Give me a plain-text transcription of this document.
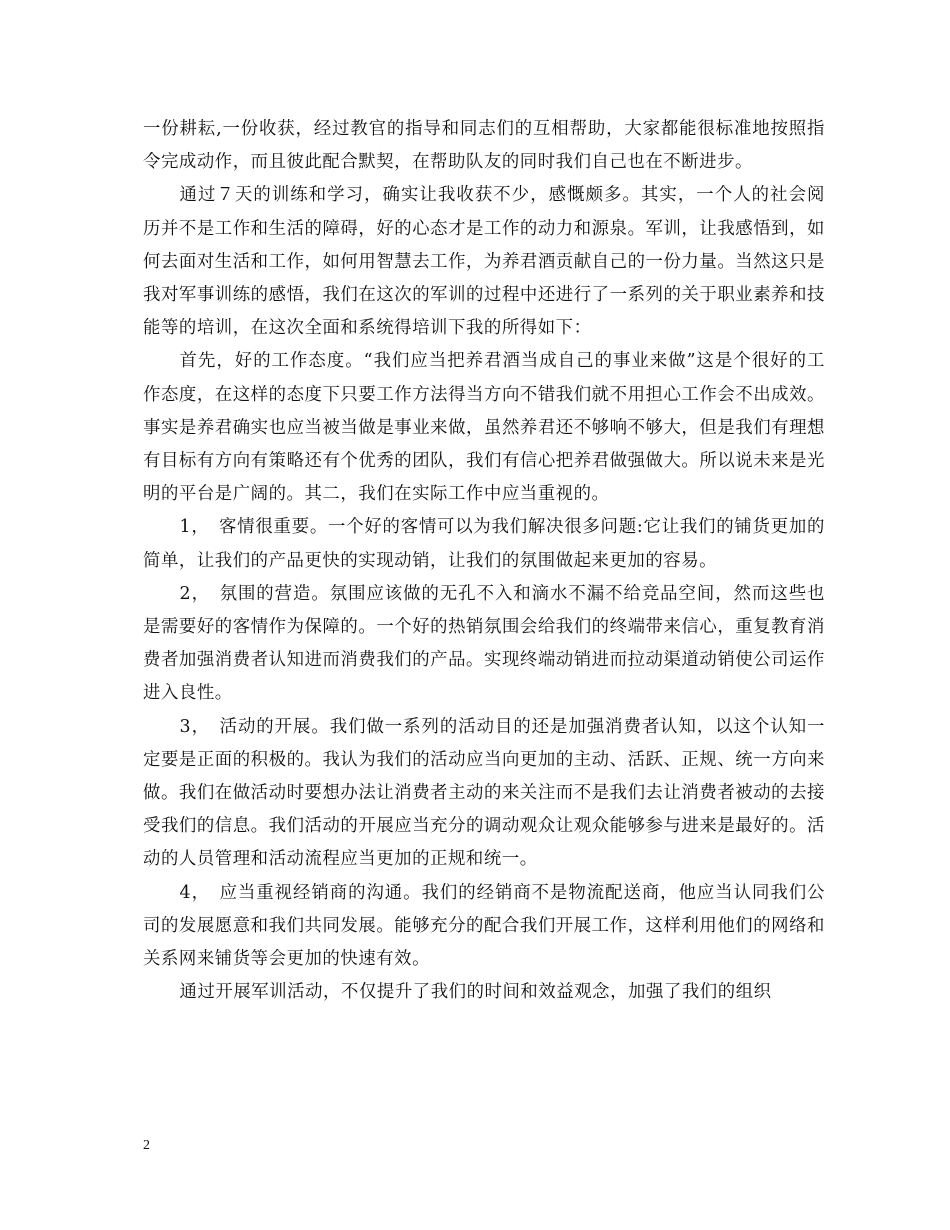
一份耕耘,一份收获，经过教官的指导和同志们的互相帮助，大家都能很标准地按照指令完成动作，而且彼此配合默契，在帮助队友的同时我们自己也在不断进步。

通过７天的训练和学习，确实让我收获不少，感慨颇多。其实，一个人的社会阅历并不是工作和生活的障碍，好的心态才是工作的动力和源泉。军训，让我感悟到，如何去面对生活和工作，如何用智慧去工作，为养君酒贡献自己的一份力量。当然这只是我对军事训练的感悟，我们在这次的军训的过程中还进行了一系列的关于职业素养和技能等的培训，在这次全面和系统得培训下我的所得如下：

首先，好的工作态度。“我们应当把养君酒当成自己的事业来做”这是个很好的工作态度，在这样的态度下只要工作方法得当方向不错我们就不用担心工作会不出成效。事实是养君确实也应当被当做是事业来做，虽然养君还不够响不够大，但是我们有理想有目标有方向有策略还有个优秀的团队，我们有信心把养君做强做大。所以说未来是光明的平台是广阔的。其二，我们在实际工作中应当重视的。

1，　客情很重要。一个好的客情可以为我们解决很多问题:它让我们的铺货更加的简单，让我们的产品更快的实现动销，让我们的氛围做起来更加的容易。

2，　氛围的营造。氛围应该做的无孔不入和滴水不漏不给竞品空间，然而这些也是需要好的客情作为保障的。一个好的热销氛围会给我们的终端带来信心，重复教育消费者加强消费者认知进而消费我们的产品。实现终端动销进而拉动渠道动销使公司运作进入良性。

3，　活动的开展。我们做一系列的活动目的还是加强消费者认知，以这个认知一定要是正面的积极的。我认为我们的活动应当向更加的主动、活跃、正规、统一方向来做。我们在做活动时要想办法让消费者主动的来关注而不是我们去让消费者被动的去接受我们的信息。我们活动的开展应当充分的调动观众让观众能够参与进来是最好的。活动的人员管理和活动流程应当更加的正规和统一。

4，　应当重视经销商的沟通。我们的经销商不是物流配送商，他应当认同我们公司的发展愿意和我们共同发展。能够充分的配合我们开展工作，这样利用他们的网络和关系网来铺货等会更加的快速有效。

通过开展军训活动，不仅提升了我们的时间和效益观念，加强了我们的组织

2
